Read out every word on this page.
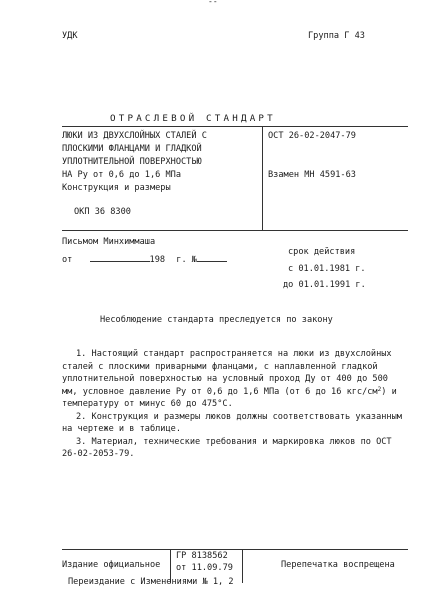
--
УДК	Группа Г 43
ОТРАСЛЕВОЙ СТАНДАРТ
ЛЮКИ ИЗ ДВУХСЛОЙНЫХ СТАЛЕЙ С
ПЛОСКИМИ ФЛАНЦАМИ И ГЛАДКОЙ
УПЛОТНИТЕЛЬНОЙ ПОВЕРХНОСТЬЮ
НА Ру от 0,6 до 1,6 МПа
Конструкция и размеры
ОСТ 26-02-2047-79
Взамен МН 4591-63
ОКП 36 8300
Письмом Минхиммаша
от	198 г. №
срок действия
с 01.01.1981 г.
до 01.01.1991 г.
Несоблюдение стандарта преследуется по закону

1. Настоящий стандарт распространяется на люки из двухслойных сталей с плоскими приварными фланцами, с наплавленной гладкой уплотнительной поверхностью на условный проход Ду от 400 до 500 мм, условное давление Ру от 0,6 до 1,6 МПа (от 6 до 16 кгс/$см^2$) и температуру от минус 60 до 475°С.

2. Конструкция и размеры люков должны соответствовать указанным на чертеже и в таблице.

3. Материал, технические требования и маркировка люков по ОСТ 26-02-2053-79.

Издание официальное
ГР 8138562
от 11.09.79	Перепечатка воспрещена
Переиздание с Изменениями № 1, 2
